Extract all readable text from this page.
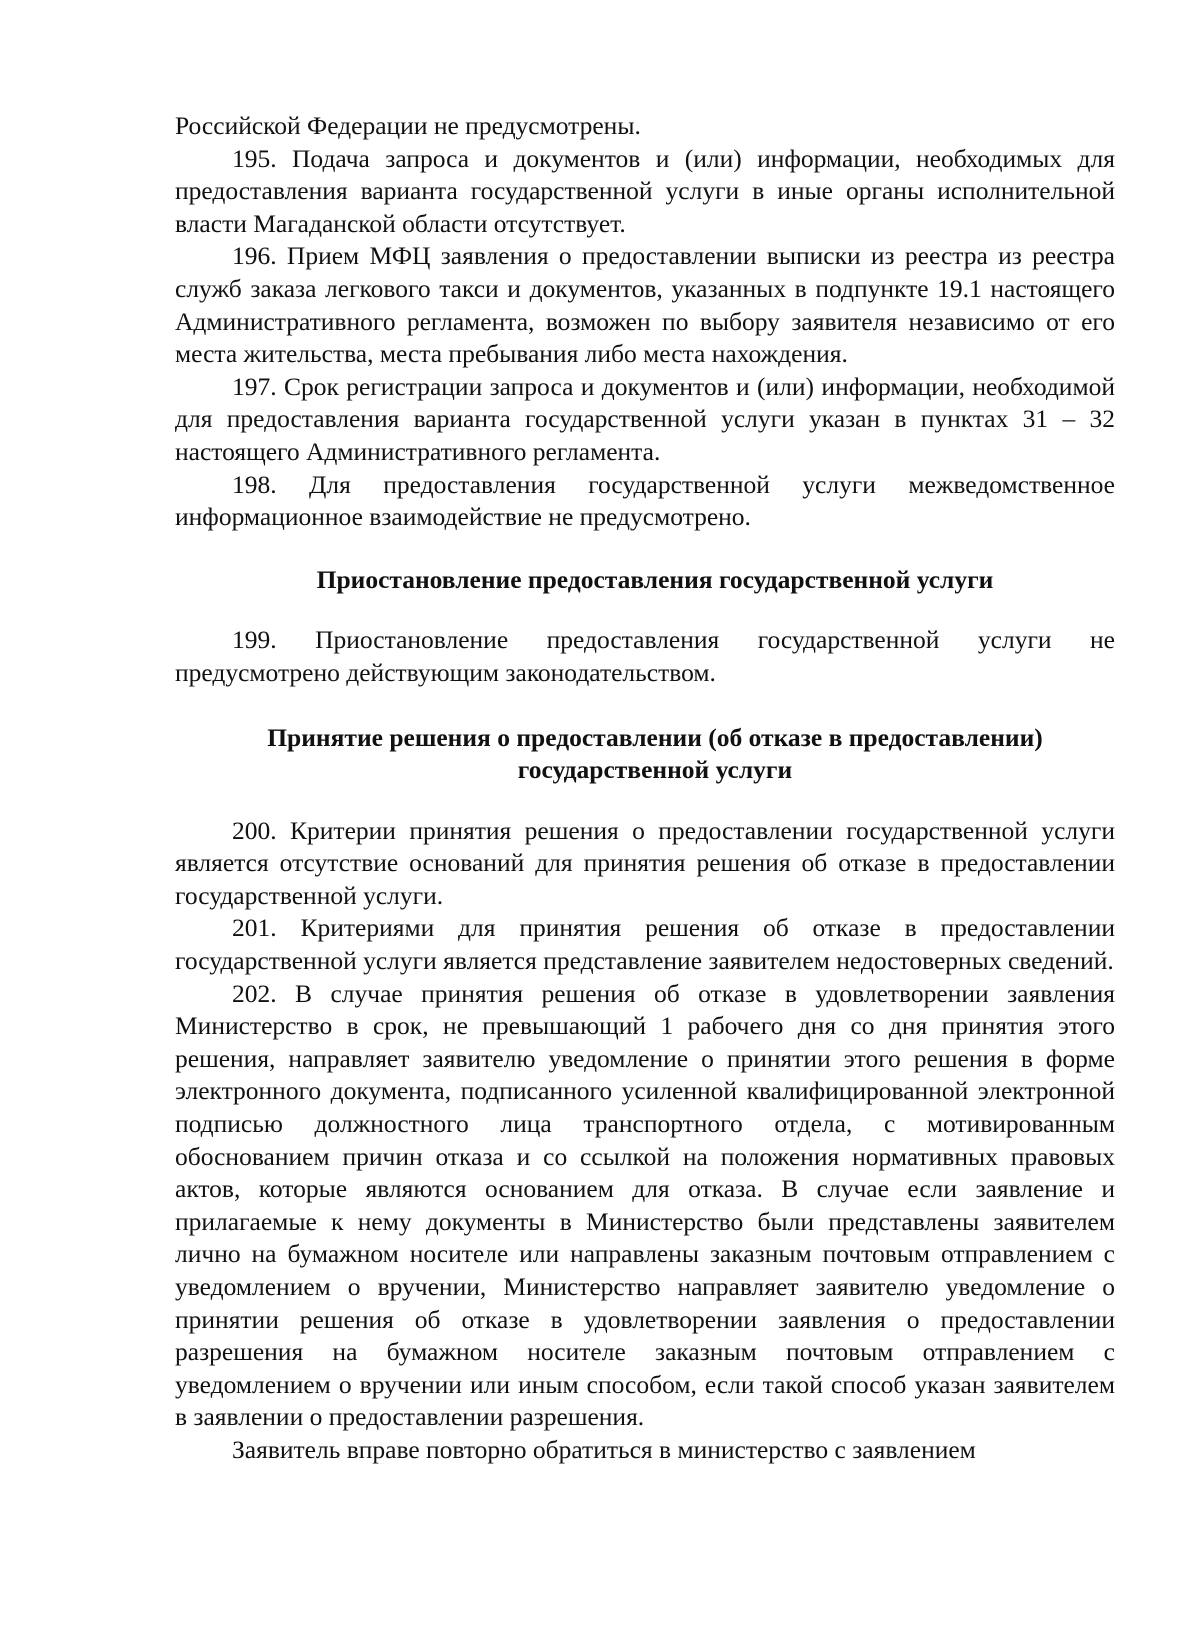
Российской Федерации не предусмотрены.

195. Подача запроса и документов и (или) информации, необходимых для предоставления варианта государственной услуги в иные органы исполнительной власти Магаданской области отсутствует.

196. Прием МФЦ заявления о предоставлении выписки из реестра из реестра служб заказа легкового такси и документов, указанных в подпункте 19.1 настоящего Административного регламента, возможен по выбору заявителя независимо от его места жительства, места пребывания либо места нахождения.

197. Срок регистрации запроса и документов и (или) информации, необходимой для предоставления варианта государственной услуги указан в пунктах 31 – 32 настоящего Административного регламента.

198. Для предоставления государственной услуги межведомственное информационное взаимодействие не предусмотрено.

Приостановление предоставления государственной услуги

199. Приостановление предоставления государственной услуги не предусмотрено действующим законодательством.

Принятие решения о предоставлении (об отказе в предоставлении)

государственной услуги

200. Критерии принятия решения о предоставлении государственной услуги является отсутствие оснований для принятия решения об отказе в предоставлении государственной услуги.

201. Критериями для принятия решения об отказе в предоставлении государственной услуги является представление заявителем недостоверных сведений.

202. В случае принятия решения об отказе в удовлетворении заявления Министерство в срок, не превышающий 1 рабочего дня со дня принятия этого решения, направляет заявителю уведомление о принятии этого решения в форме электронного документа, подписанного усиленной квалифицированной электронной подписью должностного лица транспортного отдела, с мотивированным обоснованием причин отказа и со ссылкой на положения нормативных правовых актов, которые являются основанием для отказа. В случае если заявление и прилагаемые к нему документы в Министерство были представлены заявителем лично на бумажном носителе или направлены заказным почтовым отправлением с уведомлением о вручении, Министерство направляет заявителю уведомление о принятии решения об отказе в удовлетворении заявления о предоставлении разрешения на бумажном носителе заказным почтовым отправлением с уведомлением о вручении или иным способом, если такой способ указан заявителем в заявлении о предоставлении разрешения.

Заявитель вправе повторно обратиться в министерство с заявлением
